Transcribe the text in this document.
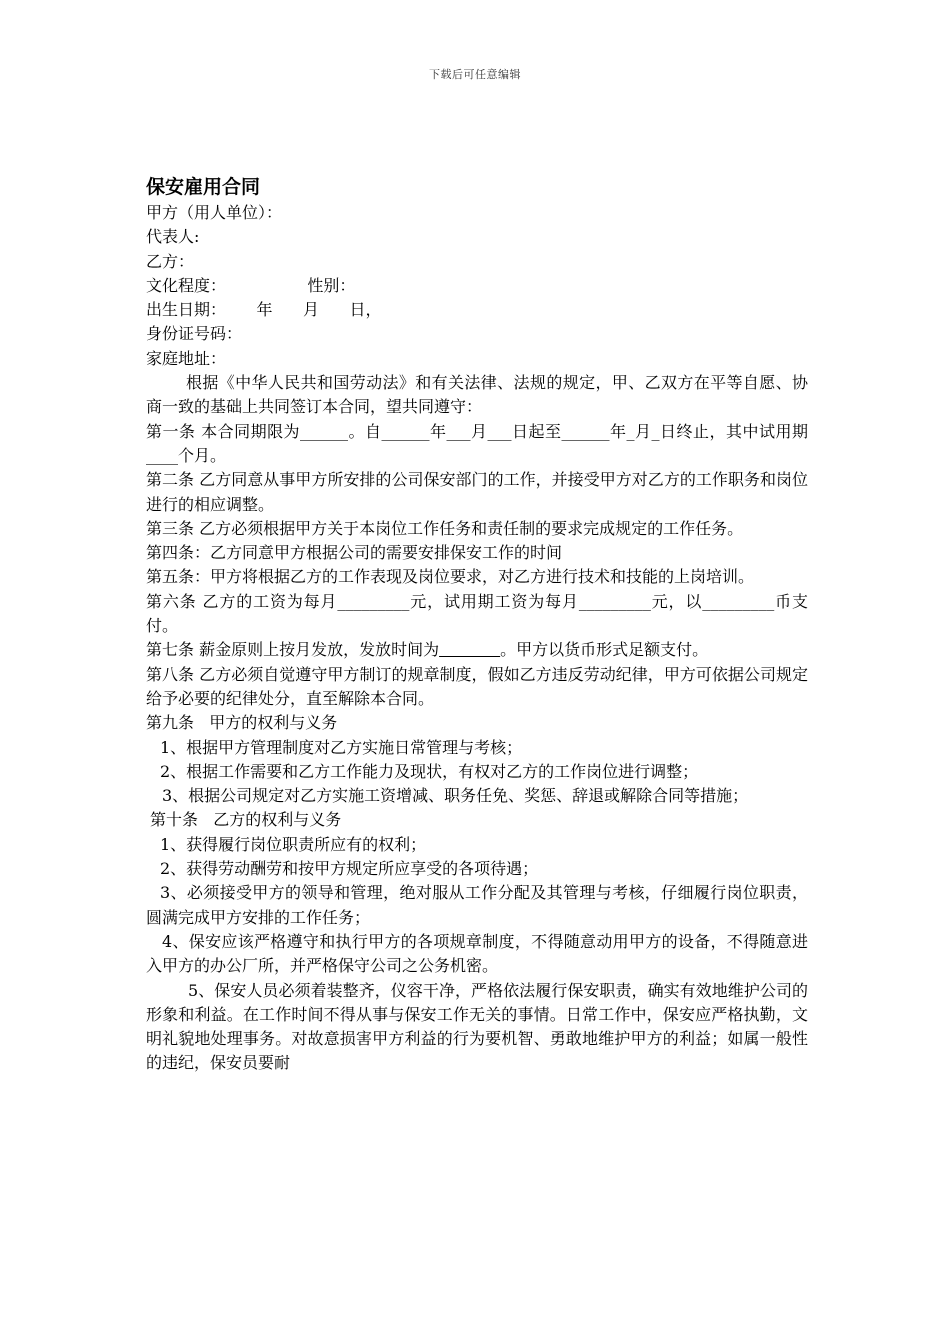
下载后可任意编辑

保安雇用合同

甲方（用人单位）：

代表人:

乙方：

文化程度：                性别：

出生日期：      年      月      日，

身份证号码：

家庭地址：

根据《中华人民共和国劳动法》和有关法律、法规的规定，甲、乙双方在平等自愿、协商一致的基础上共同签订本合同，望共同遵守：

第一条 本合同期限为______。自______年___月___日起至______年_月_日终止，其中试用期____个月。

第二条 乙方同意从事甲方所安排的公司保安部门的工作，并接受甲方对乙方的工作职务和岗位进行的相应调整。

第三条 乙方必须根据甲方关于本岗位工作任务和责任制的要求完成规定的工作任务。

第四条：乙方同意甲方根据公司的需要安排保安工作的时间

第五条：甲方将根据乙方的工作表现及岗位要求，对乙方进行技术和技能的上岗培训。

第六条 乙方的工资为每月_________元，试用期工资为每月_________元，以_________币支付。

第七条 薪金原则上按月发放，发放时间为	。甲方以货币形式足额支付。

第八条 乙方必须自觉遵守甲方制订的规章制度，假如乙方违反劳动纪律，甲方可依据公司规定给予必要的纪律处分，直至解除本合同。

第九条   甲方的权利与义务

1、根据甲方管理制度对乙方实施日常管理与考核；

2、根据工作需要和乙方工作能力及现状，有权对乙方的工作岗位进行调整；

3、根据公司规定对乙方实施工资增减、职务任免、奖惩、辞退或解除合同等措施；

第十条   乙方的权利与义务

1、获得履行岗位职责所应有的权利；

2、获得劳动酬劳和按甲方规定所应享受的各项待遇；

3、必须接受甲方的领导和管理，绝对服从工作分配及其管理与考核，仔细履行岗位职责，圆满完成甲方安排的工作任务；

4、保安应该严格遵守和执行甲方的各项规章制度，不得随意动用甲方的设备，不得随意进入甲方的办公厂所，并严格保守公司之公务机密。

5、保安人员必须着装整齐，仪容干净，严格依法履行保安职责，确实有效地维护公司的形象和利益。在工作时间不得从事与保安工作无关的事情。日常工作中，保安应严格执勤，文明礼貌地处理事务。对故意损害甲方利益的行为要机智、勇敢地维护甲方的利益；如属一般性的违纪，保安员要耐
